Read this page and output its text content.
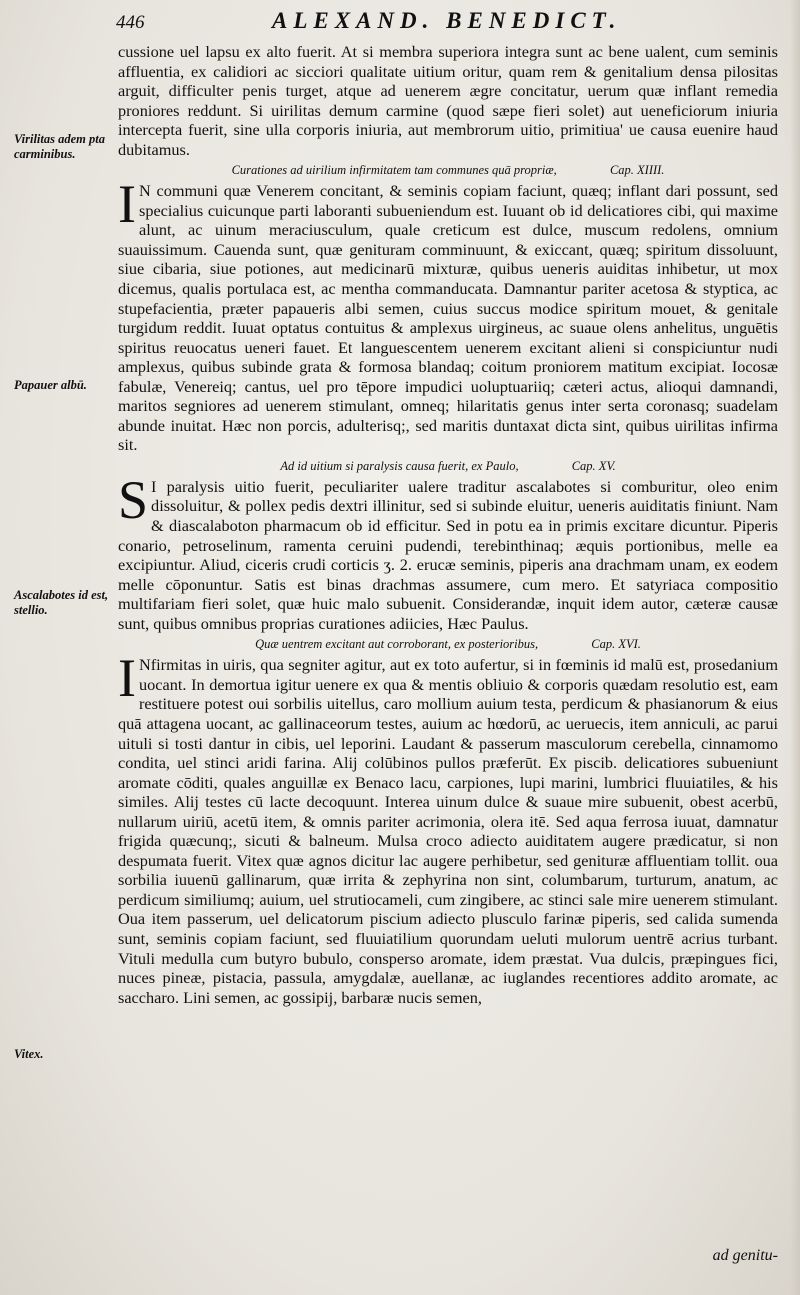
446	ALEXAND. BENEDICT.
Virilitas adem pta carminibus.
Papauer albū.
Ascalabotes id est, stellio.
Vitex.

cussione uel lapsu ex alto fuerit. At si membra superiora integra sunt ac bene ualent, cum seminis affluentia, ex calidiori ac sicciori qualitate uitium oritur, quam rem & genitalium densa pilositas arguit, difficulter penis turget, atque ad uenerem ægre concitatur, uerum quæ inflant remedia proniores reddunt. Si uirilitas demum carmine (quod sæpe fieri solet) aut ueneficiorum iniuria intercepta fuerit, sine ulla corporis iniuria, aut membrorum uitio, primitiua' ue causa euenire haud dubitamus.

Curationes ad uirilium infirmitatem tam communes quā propriæ,	Cap. XIIII.

I N communi quæ Venerem concitant, & seminis copiam faciunt, quæq; inflant dari possunt, sed specialius cuicunque parti laboranti subueniendum est. Iuuant ob id delicatiores cibi, qui maxime alunt, ac uinum meraciusculum, quale creticum est dulce, muscum redolens, omnium suauissimum. Cauenda sunt, quæ genituram comminuunt, & exiccant, quæq; spiritum dissoluunt, siue cibaria, siue potiones, aut medicinarū mixturæ, quibus ueneris auiditas inhibetur, ut mox dicemus, qualis portulaca est, ac mentha commanducata. Damnantur pariter acetosa & styptica, ac stupefacientia, præter papaueris albi semen, cuius succus modice spiritum mouet, & genitale turgidum reddit. Iuuat optatus contuitus & amplexus uirgineus, ac suaue olens anhelitus, unguētis spiritus reuocatus ueneri fauet. Et languescentem uenerem excitant alieni si conspiciuntur nudi amplexus, quibus subinde grata & formosa blandaq; coitum proniorem matitum excipiat. Iocosæ fabulæ, Venereiq; cantus, uel pro tēpore impudici uoluptuariiq; cæteri actus, alioqui damnandi, maritos segniores ad uenerem stimulant, omneq; hilaritatis genus inter serta coronasq; suadelam abunde inuitat. Hæc non porcis, adulterisq;, sed maritis duntaxat dicta sint, quibus uirilitas infirma sit.

Ad id uitium si paralysis causa fuerit, ex Paulo,	Cap. XV.

S I paralysis uitio fuerit, peculiariter ualere traditur ascalabotes si comburitur, oleo enim dissoluitur, & pollex pedis dextri illinitur, sed si subinde eluitur, ueneris auiditatis finiunt. Nam & diascalaboton pharmacum ob id efficitur. Sed in potu ea in primis excitare dicuntur. Piperis conario, petroselinum, ramenta ceruini pudendi, terebinthinaq; æquis portionibus, melle ea excipiuntur. Aliud, ciceris crudi corticis ʒ. 2. erucæ seminis, piperis ana drachmam unam, ex eodem melle cōponuntur. Satis est binas drachmas assumere, cum mero. Et satyriaca compositio multifariam fieri solet, quæ huic malo subuenit. Considerandæ, inquit idem autor, cæteræ causæ sunt, quibus omnibus proprias curationes adiicies, Hæc Paulus.

Quæ uentrem excitant aut corroborant, ex posterioribus,	Cap. XVI.

I Nfirmitas in uiris, qua segniter agitur, aut ex toto aufertur, si in fœminis id malū est, prosedanium uocant. In demortua igitur uenere ex qua & mentis obliuio & corporis quædam resolutio est, eam restituere potest oui sorbilis uitellus, caro mollium auium testa, perdicum & phasianorum & eius quā attagena uocant, ac gallinaceorum testes, auium ac hœdorū, ac ueruecis, item anniculi, ac parui uituli si tosti dantur in cibis, uel leporini. Laudant & passerum masculorum cerebella, cinnamomo condita, uel stinci aridi farina. Alij colūbinos pullos præferūt. Ex piscib. delicatiores subueniunt aromate cōditi, quales anguillæ ex Benaco lacu, carpiones, lupi marini, lumbrici fluuiatiles, & his similes. Alij testes cū lacte decoquunt. Interea uinum dulce & suaue mire subuenit, obest acerbū, nullarum uiriū, acetū item, & omnis pariter acrimonia, olera itē. Sed aqua ferrosa iuuat, damnatur frigida quæcunq;, sicuti & balneum. Mulsa croco adiecto auiditatem augere prædicatur, si non despumata fuerit. Vitex quæ agnos dicitur lac augere perhibetur, sed genituræ affluentiam tollit. oua sorbilia iuuenū gallinarum, quæ irrita & zephyrina non sint, columbarum, turturum, anatum, ac perdicum similiumq; auium, uel strutiocameli, cum zingibere, ac stinci sale mire uenerem stimulant. Oua item passerum, uel delicatorum piscium adiecto plusculo farinæ piperis, sed calida sumenda sunt, seminis copiam faciunt, sed fluuiatilium quorundam ueluti mulorum uentrē acrius turbant. Vituli medulla cum butyro bubulo, consperso aromate, idem præstat. Vua dulcis, præpingues fici, nuces pineæ, pistacia, passula, amygdalæ, auellanæ, ac iuglandes recentiores addito aromate, ac saccharo. Lini semen, ac gossipij, barbaræ nucis semen,

ad genitu-
